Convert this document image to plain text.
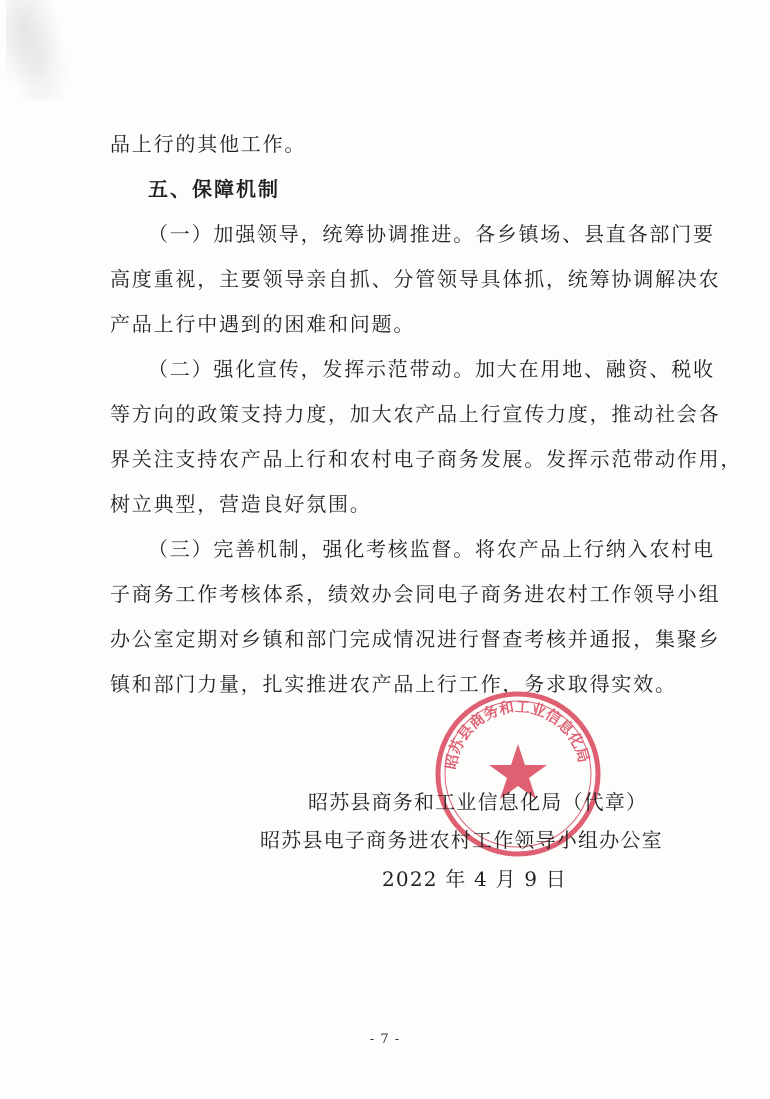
品上行的其他工作。
五、保障机制
（一）加强领导，统筹协调推进。各乡镇场、县直各部门要
高度重视，主要领导亲自抓、分管领导具体抓，统筹协调解决农
产品上行中遇到的困难和问题。
（二）强化宣传，发挥示范带动。加大在用地、融资、税收
等方向的政策支持力度，加大农产品上行宣传力度，推动社会各
界关注支持农产品上行和农村电子商务发展。发挥示范带动作用，
树立典型，营造良好氛围。
（三）完善机制，强化考核监督。将农产品上行纳入农村电
子商务工作考核体系，绩效办会同电子商务进农村工作领导小组
办公室定期对乡镇和部门完成情况进行督查考核并通报，集聚乡
镇和部门力量，扎实推进农产品上行工作，务求取得实效。
昭苏县商务和工业信息化局
昭苏县商务和工业信息化局（代章）
昭苏县电子商务进农村工作领导小组办公室
2022 年 4 月 9 日
- 7 -
